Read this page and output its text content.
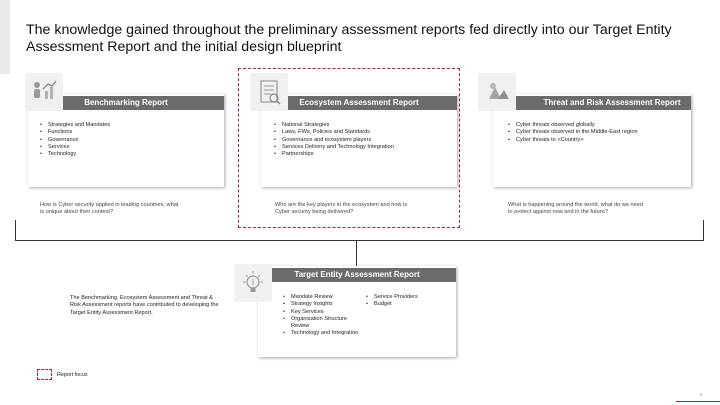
The knowledge gained throughout the preliminary assessment reports fed directly into our Target Entity Assessment Report and the initial design blueprint
Benchmarking Report
• Strategies and Mandates
• Functions
• Governance
• Services
• Technology
How is Cyber security applied in leading countries, what is unique about their context?
Ecosystem Assessment Report
• National Strategies
• Laws, FWs, Policies and Standards
• Governance and ecosystem players
• Services Delivery and Technology Integration
• Partnerships
Who are the key players in the ecosystem and how is Cyber security being delivered?
Threat and Risk Assessment Report
• Cyber threats observed globally
• Cyber threats observed in the Middle-East region
• Cyber threats to <Country>
What is happening around the world, what do we need to protect against now and in the future?
Target Entity Assessment Report
• Mandate Review
• Strategy Insights
• Key Services
• Organisation Structure Review
• Technology and Integration
• Service Providers
• Budget
The Benchmarking, Ecosystem Assessment and Threat & Risk Assessment reports have contributed to developing the Target Entity Assessment Report.
Report focus
6
